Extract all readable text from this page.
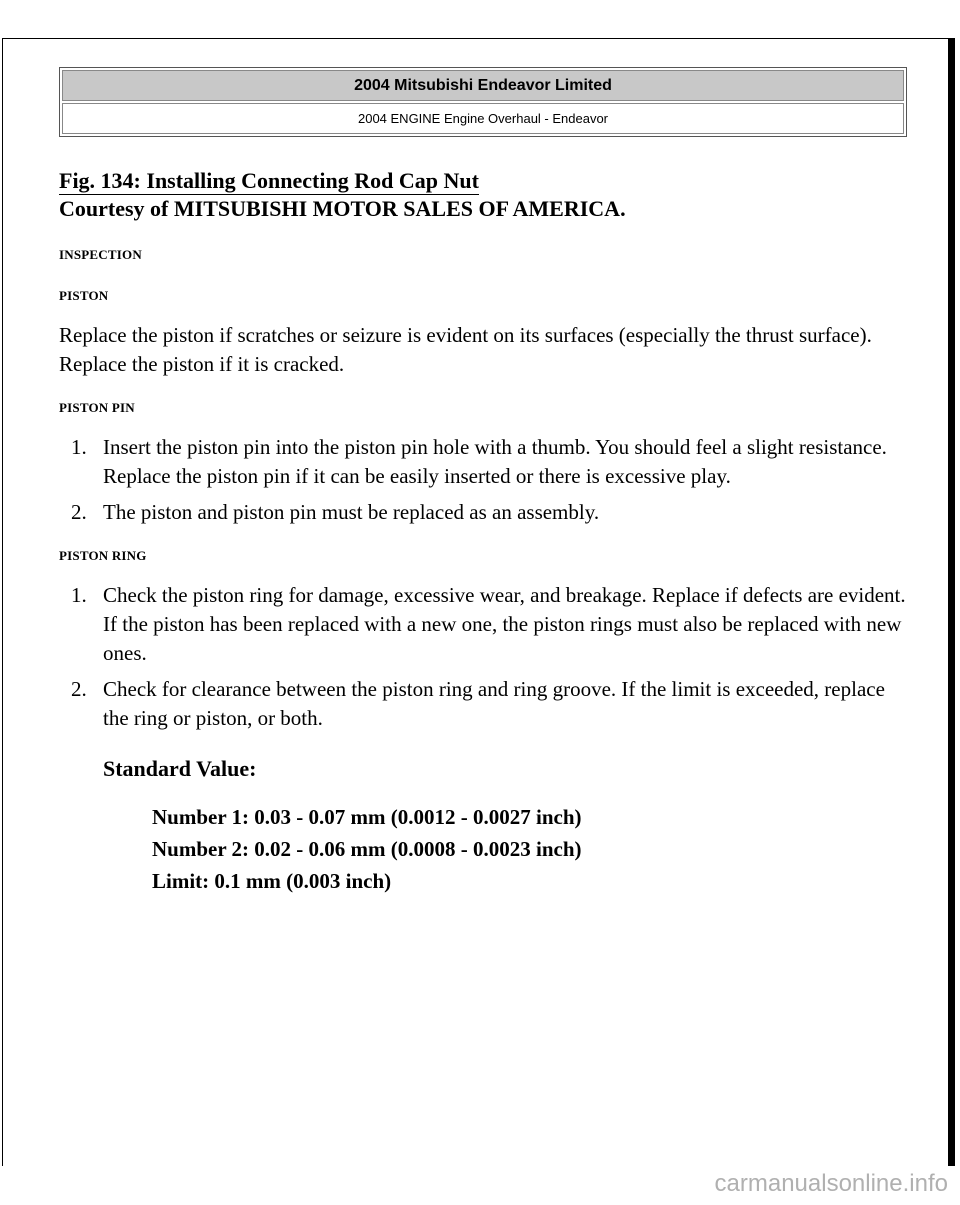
2004 Mitsubishi Endeavor Limited
2004 ENGINE Engine Overhaul - Endeavor
Fig. 134: Installing Connecting Rod Cap Nut
Courtesy of MITSUBISHI MOTOR SALES OF AMERICA.
INSPECTION
PISTON
Replace the piston if scratches or seizure is evident on its surfaces (especially the thrust surface). Replace the piston if it is cracked.
PISTON PIN
1. Insert the piston pin into the piston pin hole with a thumb. You should feel a slight resistance. Replace the piston pin if it can be easily inserted or there is excessive play.
2. The piston and piston pin must be replaced as an assembly.
PISTON RING
1. Check the piston ring for damage, excessive wear, and breakage. Replace if defects are evident. If the piston has been replaced with a new one, the piston rings must also be replaced with new ones.
2. Check for clearance between the piston ring and ring groove. If the limit is exceeded, replace the ring or piston, or both.
Standard Value:
Number 1: 0.03 - 0.07 mm (0.0012 - 0.0027 inch)
Number 2: 0.02 - 0.06 mm (0.0008 - 0.0023 inch)
Limit: 0.1 mm (0.003 inch)
carmanualsonline.info
